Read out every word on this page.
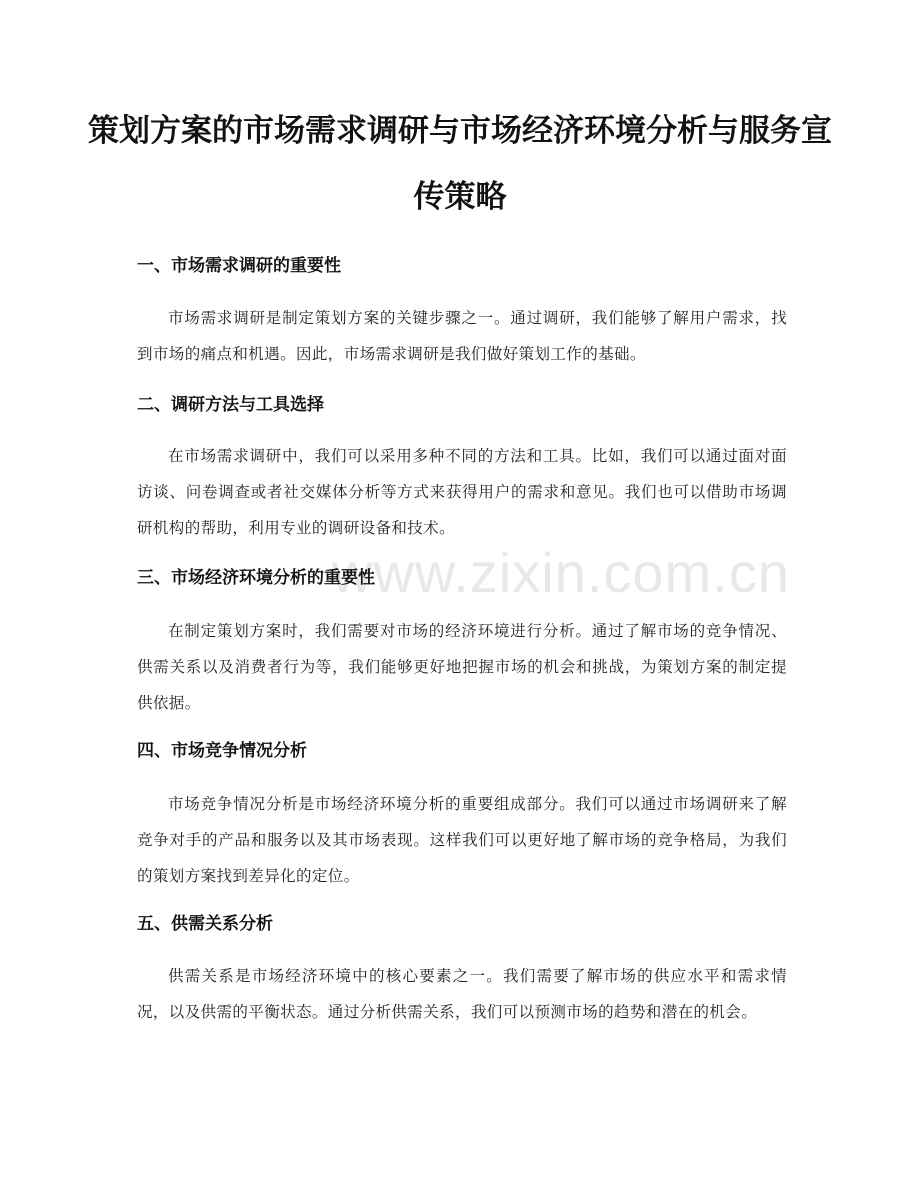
www.zixin.com.cn
策划方案的市场需求调研与市场经济环境分析与服务宣传策略
一、市场需求调研的重要性

市场需求调研是制定策划方案的关键步骤之一。通过调研，我们能够了解用户需求，找到市场的痛点和机遇。因此，市场需求调研是我们做好策划工作的基础。

二、调研方法与工具选择

在市场需求调研中，我们可以采用多种不同的方法和工具。比如，我们可以通过面对面访谈、问卷调查或者社交媒体分析等方式来获得用户的需求和意见。我们也可以借助市场调研机构的帮助，利用专业的调研设备和技术。

三、市场经济环境分析的重要性

在制定策划方案时，我们需要对市场的经济环境进行分析。通过了解市场的竞争情况、供需关系以及消费者行为等，我们能够更好地把握市场的机会和挑战，为策划方案的制定提供依据。

四、市场竞争情况分析

市场竞争情况分析是市场经济环境分析的重要组成部分。我们可以通过市场调研来了解竞争对手的产品和服务以及其市场表现。这样我们可以更好地了解市场的竞争格局，为我们的策划方案找到差异化的定位。

五、供需关系分析

供需关系是市场经济环境中的核心要素之一。我们需要了解市场的供应水平和需求情况，以及供需的平衡状态。通过分析供需关系，我们可以预测市场的趋势和潜在的机会。
